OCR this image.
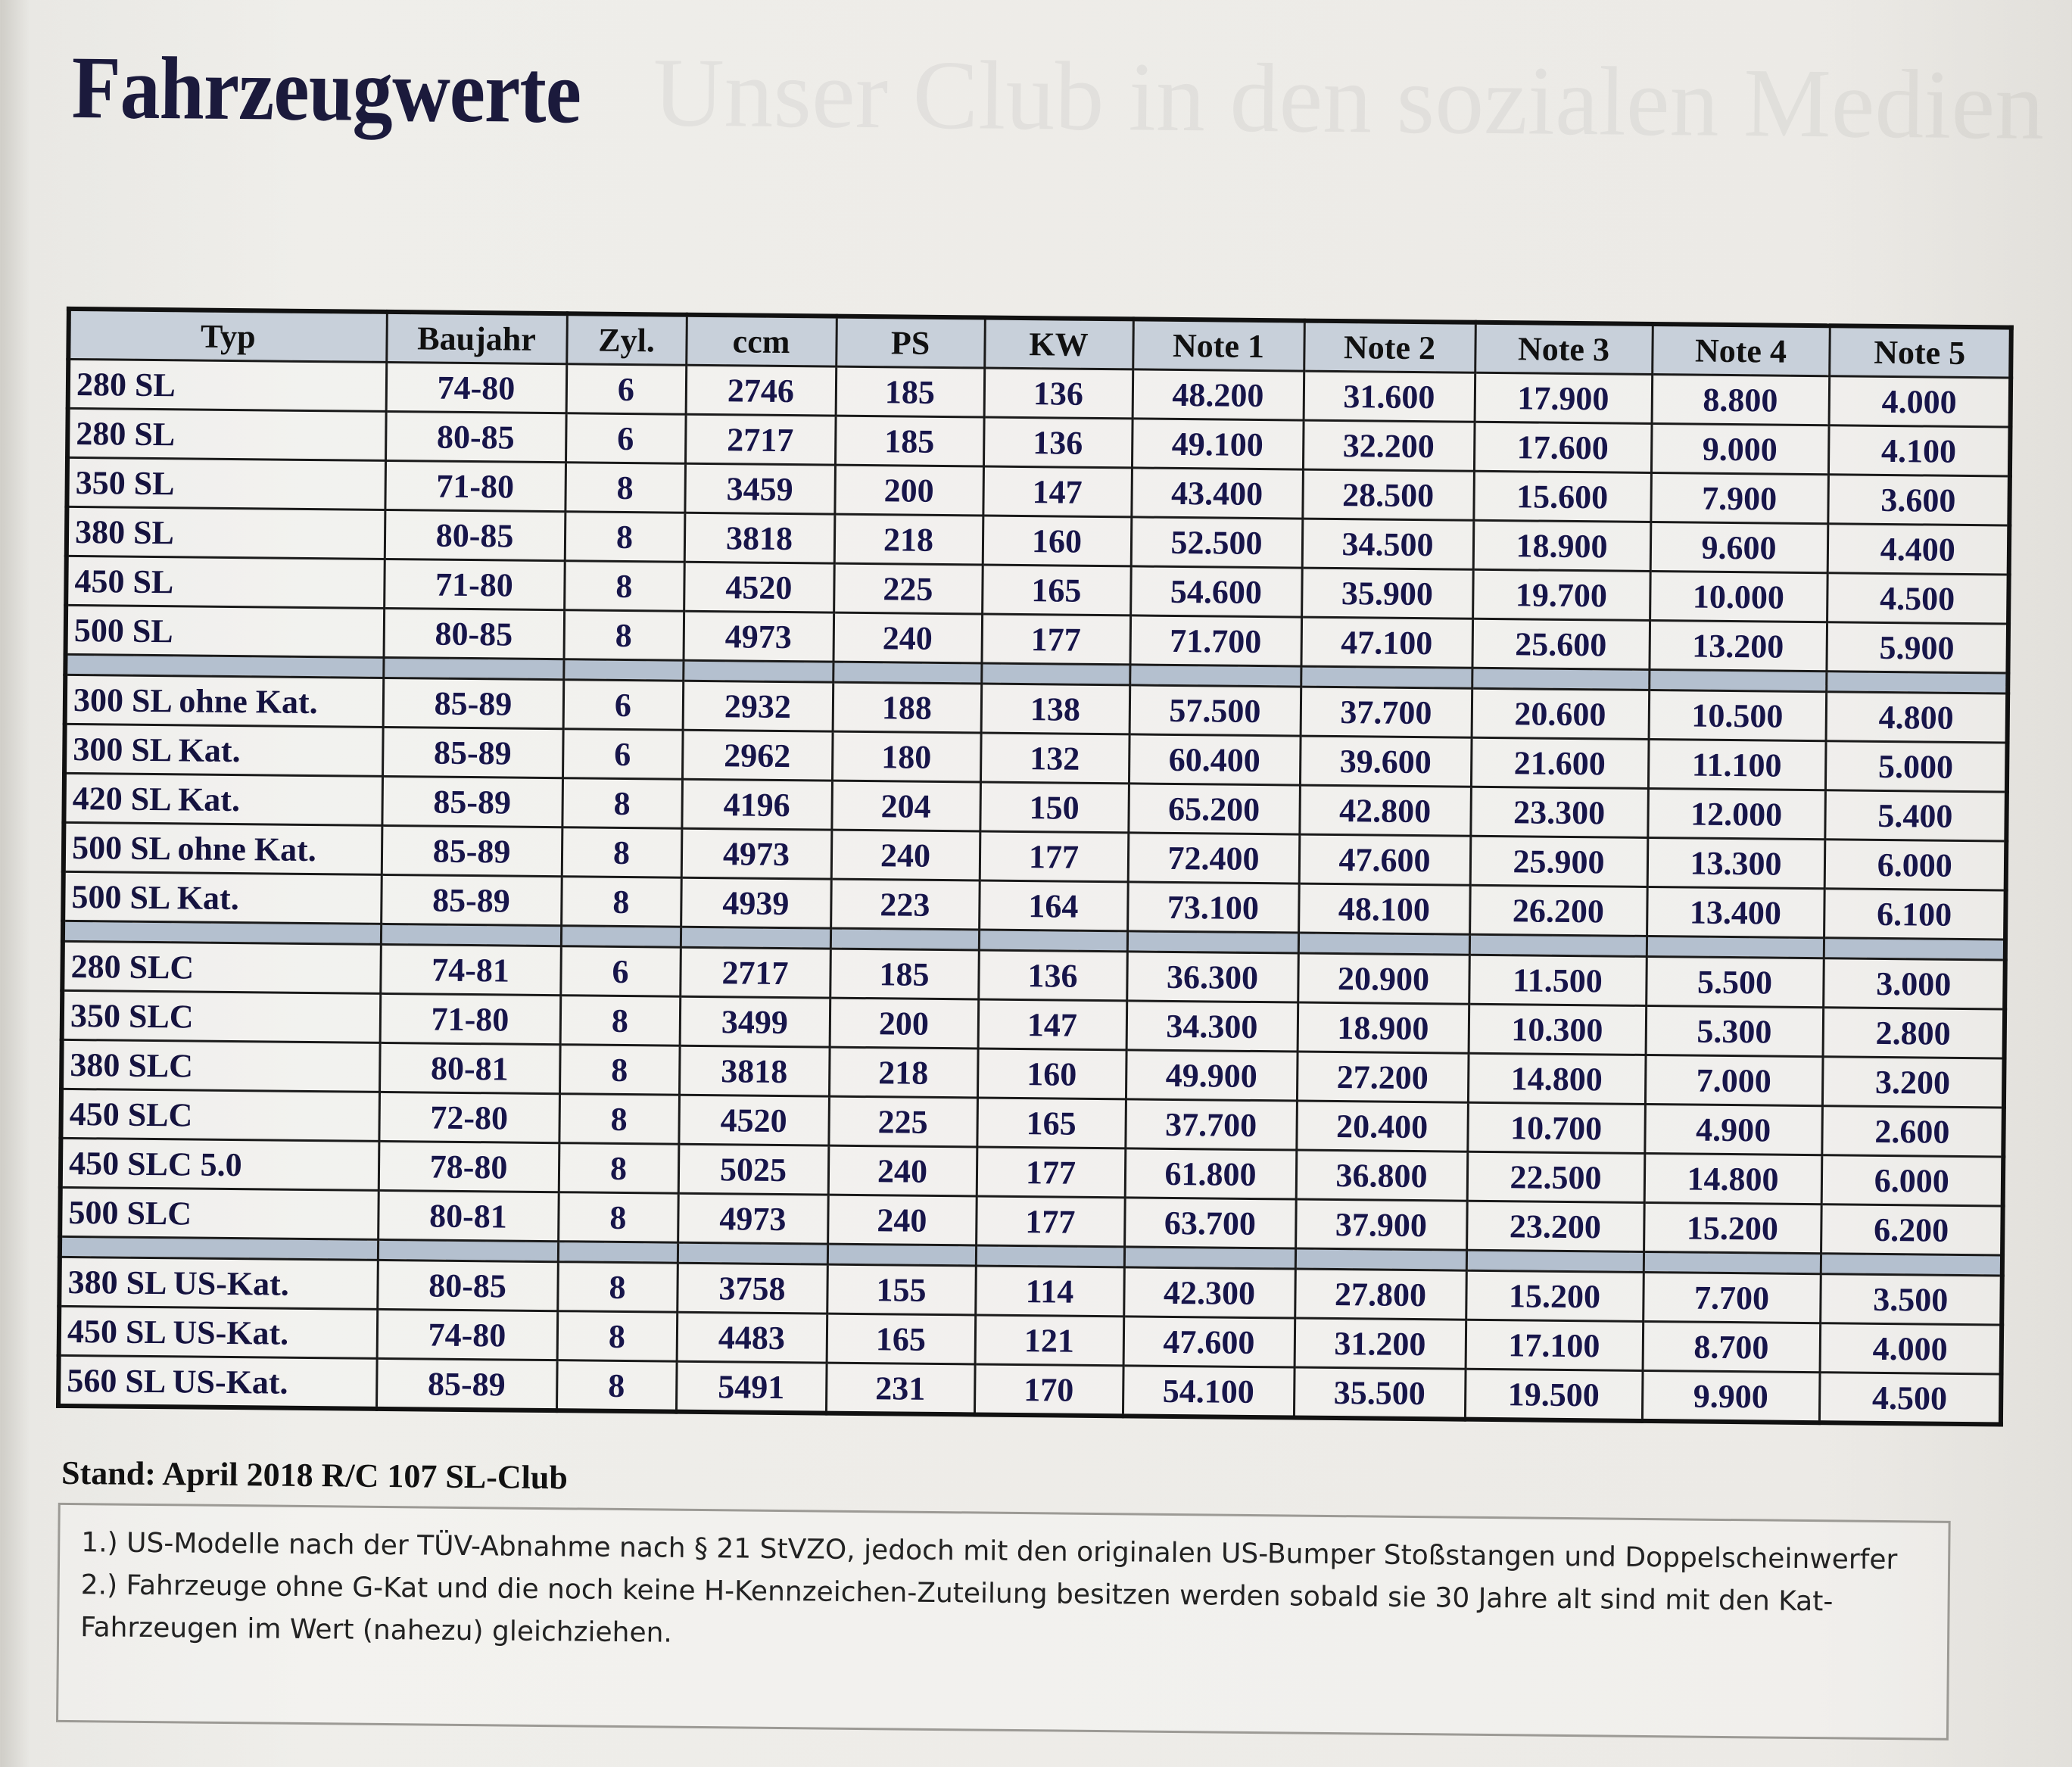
Fahrzeugwerte
Typ	Baujahr	Zyl.	ccm	PS	KW	Note 1	Note 2	Note 3	Note 4	Note 5
280 SL	74-80	6	2746	185	136	48.200	31.600	17.900	8.800	4.000
280 SL	80-85	6	2717	185	136	49.100	32.200	17.600	9.000	4.100
350 SL	71-80	8	3459	200	147	43.400	28.500	15.600	7.900	3.600
380 SL	80-85	8	3818	218	160	52.500	34.500	18.900	9.600	4.400
450 SL	71-80	8	4520	225	165	54.600	35.900	19.700	10.000	4.500
500 SL	80-85	8	4973	240	177	71.700	47.100	25.600	13.200	5.900

300 SL ohne Kat.	85-89	6	2932	188	138	57.500	37.700	20.600	10.500	4.800
300 SL Kat.	85-89	6	2962	180	132	60.400	39.600	21.600	11.100	5.000
420 SL Kat.	85-89	8	4196	204	150	65.200	42.800	23.300	12.000	5.400
500 SL ohne Kat.	85-89	8	4973	240	177	72.400	47.600	25.900	13.300	6.000
500 SL Kat.	85-89	8	4939	223	164	73.100	48.100	26.200	13.400	6.100

280 SLC	74-81	6	2717	185	136	36.300	20.900	11.500	5.500	3.000
350 SLC	71-80	8	3499	200	147	34.300	18.900	10.300	5.300	2.800
380 SLC	80-81	8	3818	218	160	49.900	27.200	14.800	7.000	3.200
450 SLC	72-80	8	4520	225	165	37.700	20.400	10.700	4.900	2.600
450 SLC 5.0	78-80	8	5025	240	177	61.800	36.800	22.500	14.800	6.000
500 SLC	80-81	8	4973	240	177	63.700	37.900	23.200	15.200	6.200

380 SL US-Kat.	80-85	8	3758	155	114	42.300	27.800	15.200	7.700	3.500
450 SL US-Kat.	74-80	8	4483	165	121	47.600	31.200	17.100	8.700	4.000
560 SL US-Kat.	85-89	8	5491	231	170	54.100	35.500	19.500	9.900	4.500

Stand: April 2018 R/C 107 SL-Club

1.) US-Modelle nach der TÜV-Abnahme nach § 21 StVZO, jedoch mit den originalen US-Bumper Stoßstangen und Doppelscheinwerfer

2.) Fahrzeuge ohne G-Kat und die noch keine H-Kennzeichen-Zuteilung besitzen werden sobald sie 30 Jahre alt sind mit den Kat-Fahrzeugen im Wert (nahezu) gleichziehen.
